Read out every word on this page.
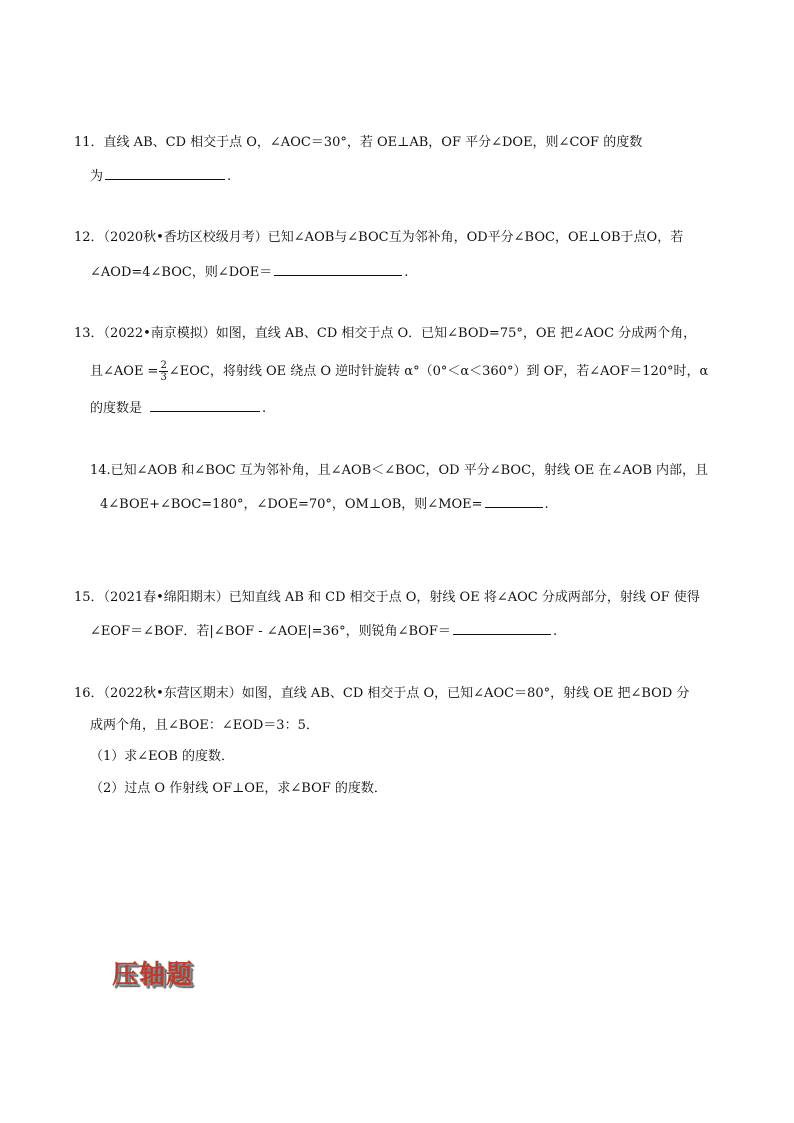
11．直线 AB、CD 相交于点 O，∠AOC＝30°，若 OE⊥AB，OF 平分∠DOE，则∠COF 的度数
为	.
12．（2020秋•香坊区校级月考）已知∠AOB与∠BOC互为邻补角，OD平分∠BOC，OE⊥OB于点O，若
∠AOD=4∠BOC，则∠DOE＝	.
13．（2022•南京模拟）如图，直线 AB、CD 相交于点 O．已知∠BOD=75°，OE 把∠AOC 分成两个角，
且∠AOE = $\frac{2}{3}$ ∠EOC，将射线 OE 绕点 O 逆时针旋转 α°（0°＜α＜360°）到 OF，若∠AOF＝120°时，α
的度数是	.
14.已知∠AOB 和∠BOC 互为邻补角，且∠AOB＜∠BOC，OD 平分∠BOC，射线 OE 在∠AOB 内部，且
4∠BOE+∠BOC=180°，∠DOE=70°，OM⊥OB，则∠MOE=	.
15．（2021春•绵阳期末）已知直线 AB 和 CD 相交于点 O，射线 OE 将∠AOC 分成两部分，射线 OF 使得
∠EOF＝∠BOF．若|∠BOF - ∠AOE|=36°，则锐角∠BOF＝	.
16．（2022秋•东营区期末）如图，直线 AB、CD 相交于点 O，已知∠AOC＝80°，射线 OE 把∠BOD 分
成两个角，且∠BOE：∠EOD＝3：5．
（1）求∠EOB 的度数．
（2）过点 O 作射线 OF⊥OE，求∠BOF 的度数．
压轴题
